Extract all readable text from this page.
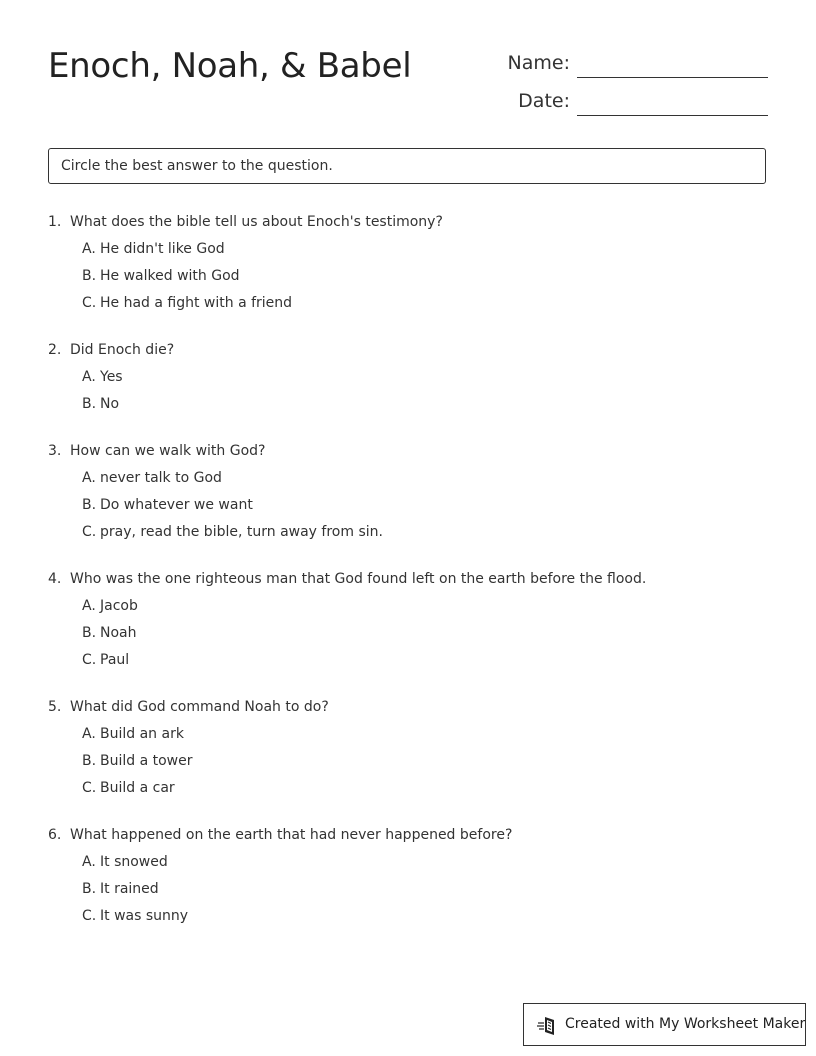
Enoch, Noah, & Babel	Name:
Date:
Circle the best answer to the question.
1. What does the bible tell us about Enoch's testimony?
A. He didn't like God
B. He walked with God
C. He had a fight with a friend
2. Did Enoch die?
A. Yes
B. No
3. How can we walk with God?
A. never talk to God
B. Do whatever we want
C. pray, read the bible, turn away from sin.
4. Who was the one righteous man that God found left on the earth before the flood.
A. Jacob
B. Noah
C. Paul
5. What did God command Noah to do?
A. Build an ark
B. Build a tower
C. Build a car
6. What happened on the earth that had never happened before?
A. It snowed
B. It rained
C. It was sunny
Created with My Worksheet Maker
